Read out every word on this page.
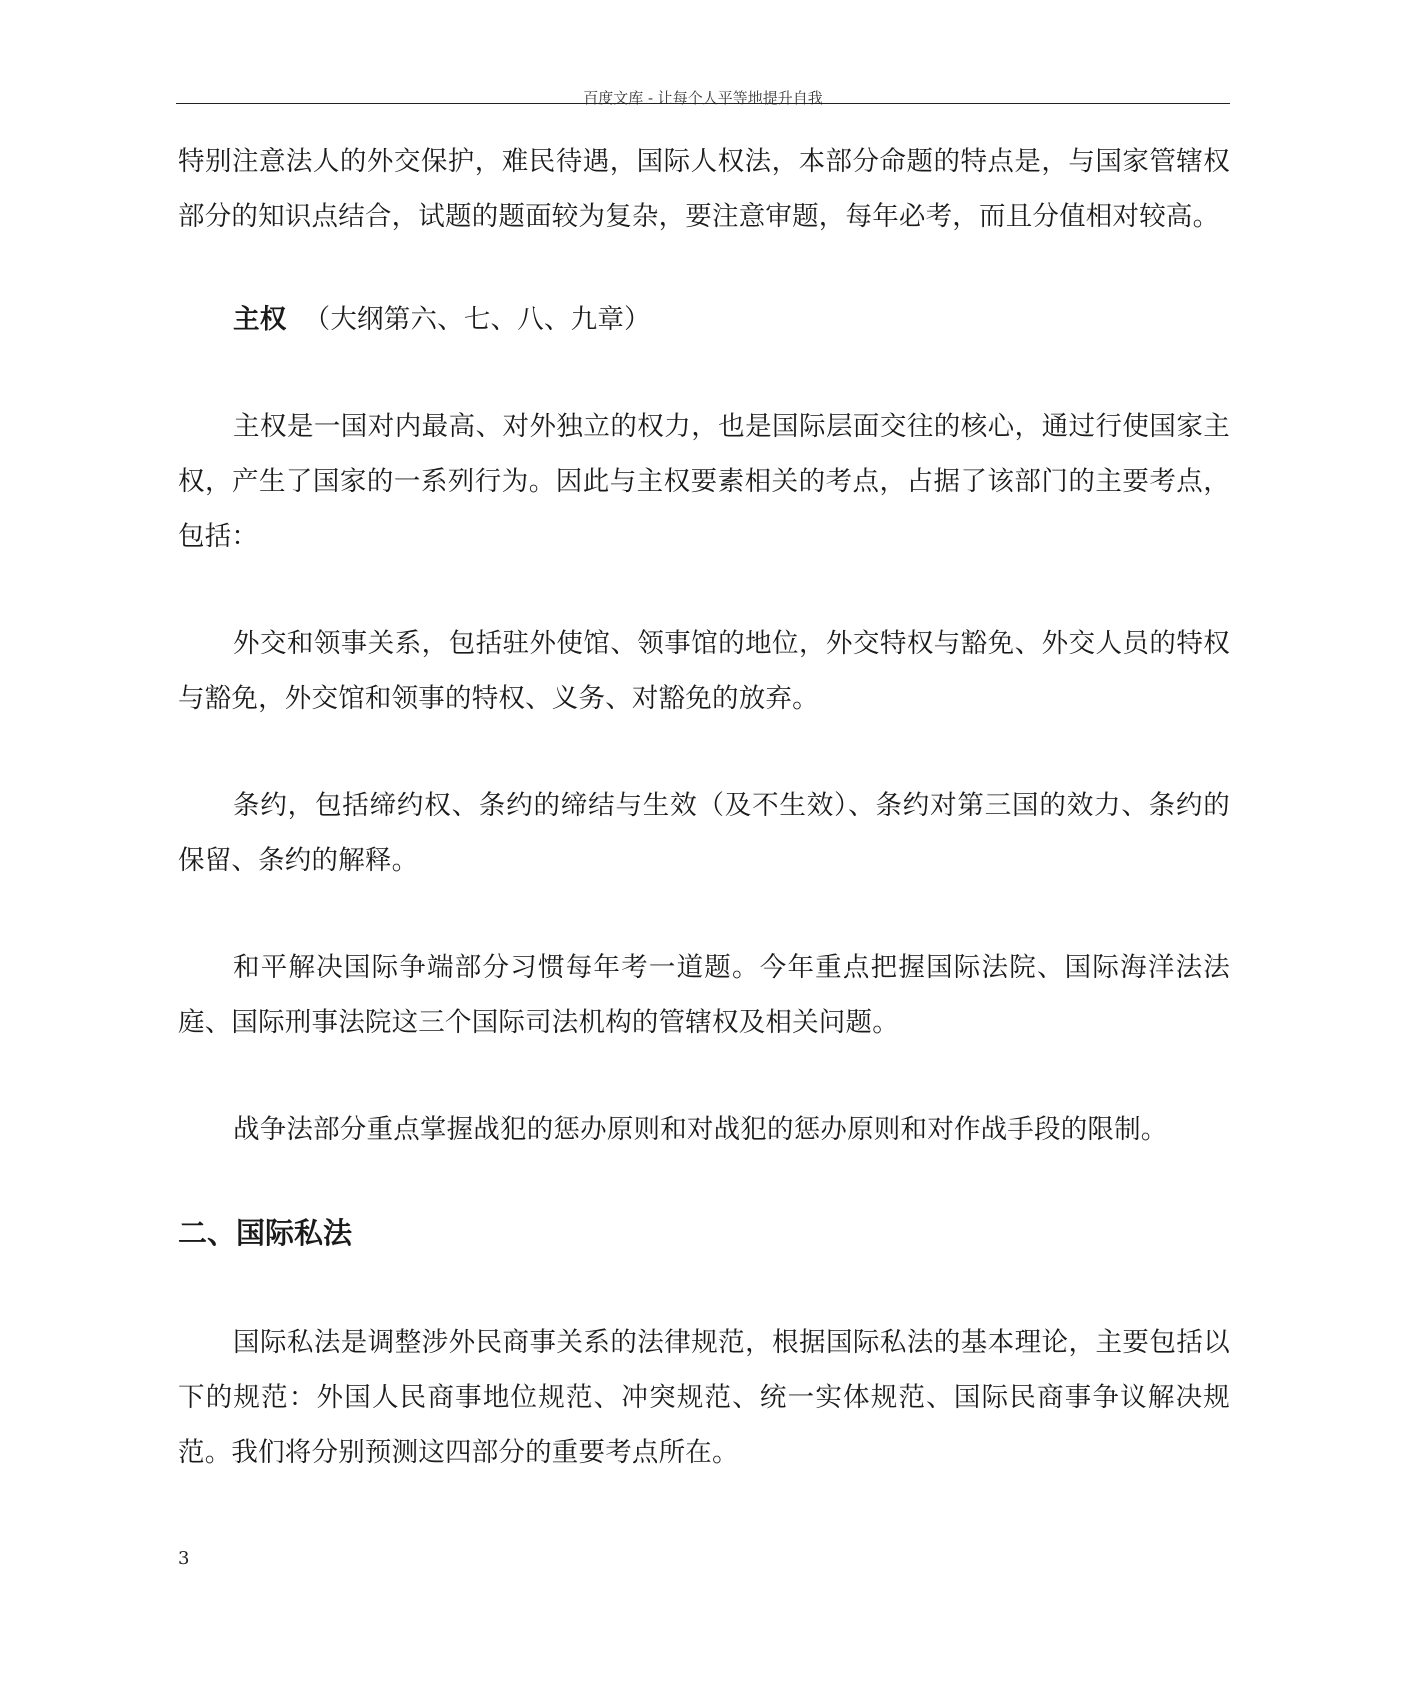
百度文库 - 让每个人平等地提升自我

特别注意法人的外交保护，难民待遇，国际人权法，本部分命题的特点是，与国家管辖权部分的知识点结合，试题的题面较为复杂，要注意审题，每年必考，而且分值相对较高。

主权 （大纲第六、七、八、九章）

主权是一国对内最高、对外独立的权力，也是国际层面交往的核心，通过行使国家主权，产生了国家的一系列行为。因此与主权要素相关的考点，占据了该部门的主要考点，包括：

外交和领事关系，包括驻外使馆、领事馆的地位，外交特权与豁免、外交人员的特权与豁免，外交馆和领事的特权、义务、对豁免的放弃。

条约，包括缔约权、条约的缔结与生效（及不生效）、条约对第三国的效力、条约的保留、条约的解释。

和平解决国际争端部分习惯每年考一道题。今年重点把握国际法院、国际海洋法法庭、国际刑事法院这三个国际司法机构的管辖权及相关问题。

战争法部分重点掌握战犯的惩办原则和对战犯的惩办原则和对作战手段的限制。

二、国际私法

国际私法是调整涉外民商事关系的法律规范，根据国际私法的基本理论，主要包括以下的规范：外国人民商事地位规范、冲突规范、统一实体规范、国际民商事争议解决规范。我们将分别预测这四部分的重要考点所在。

3
